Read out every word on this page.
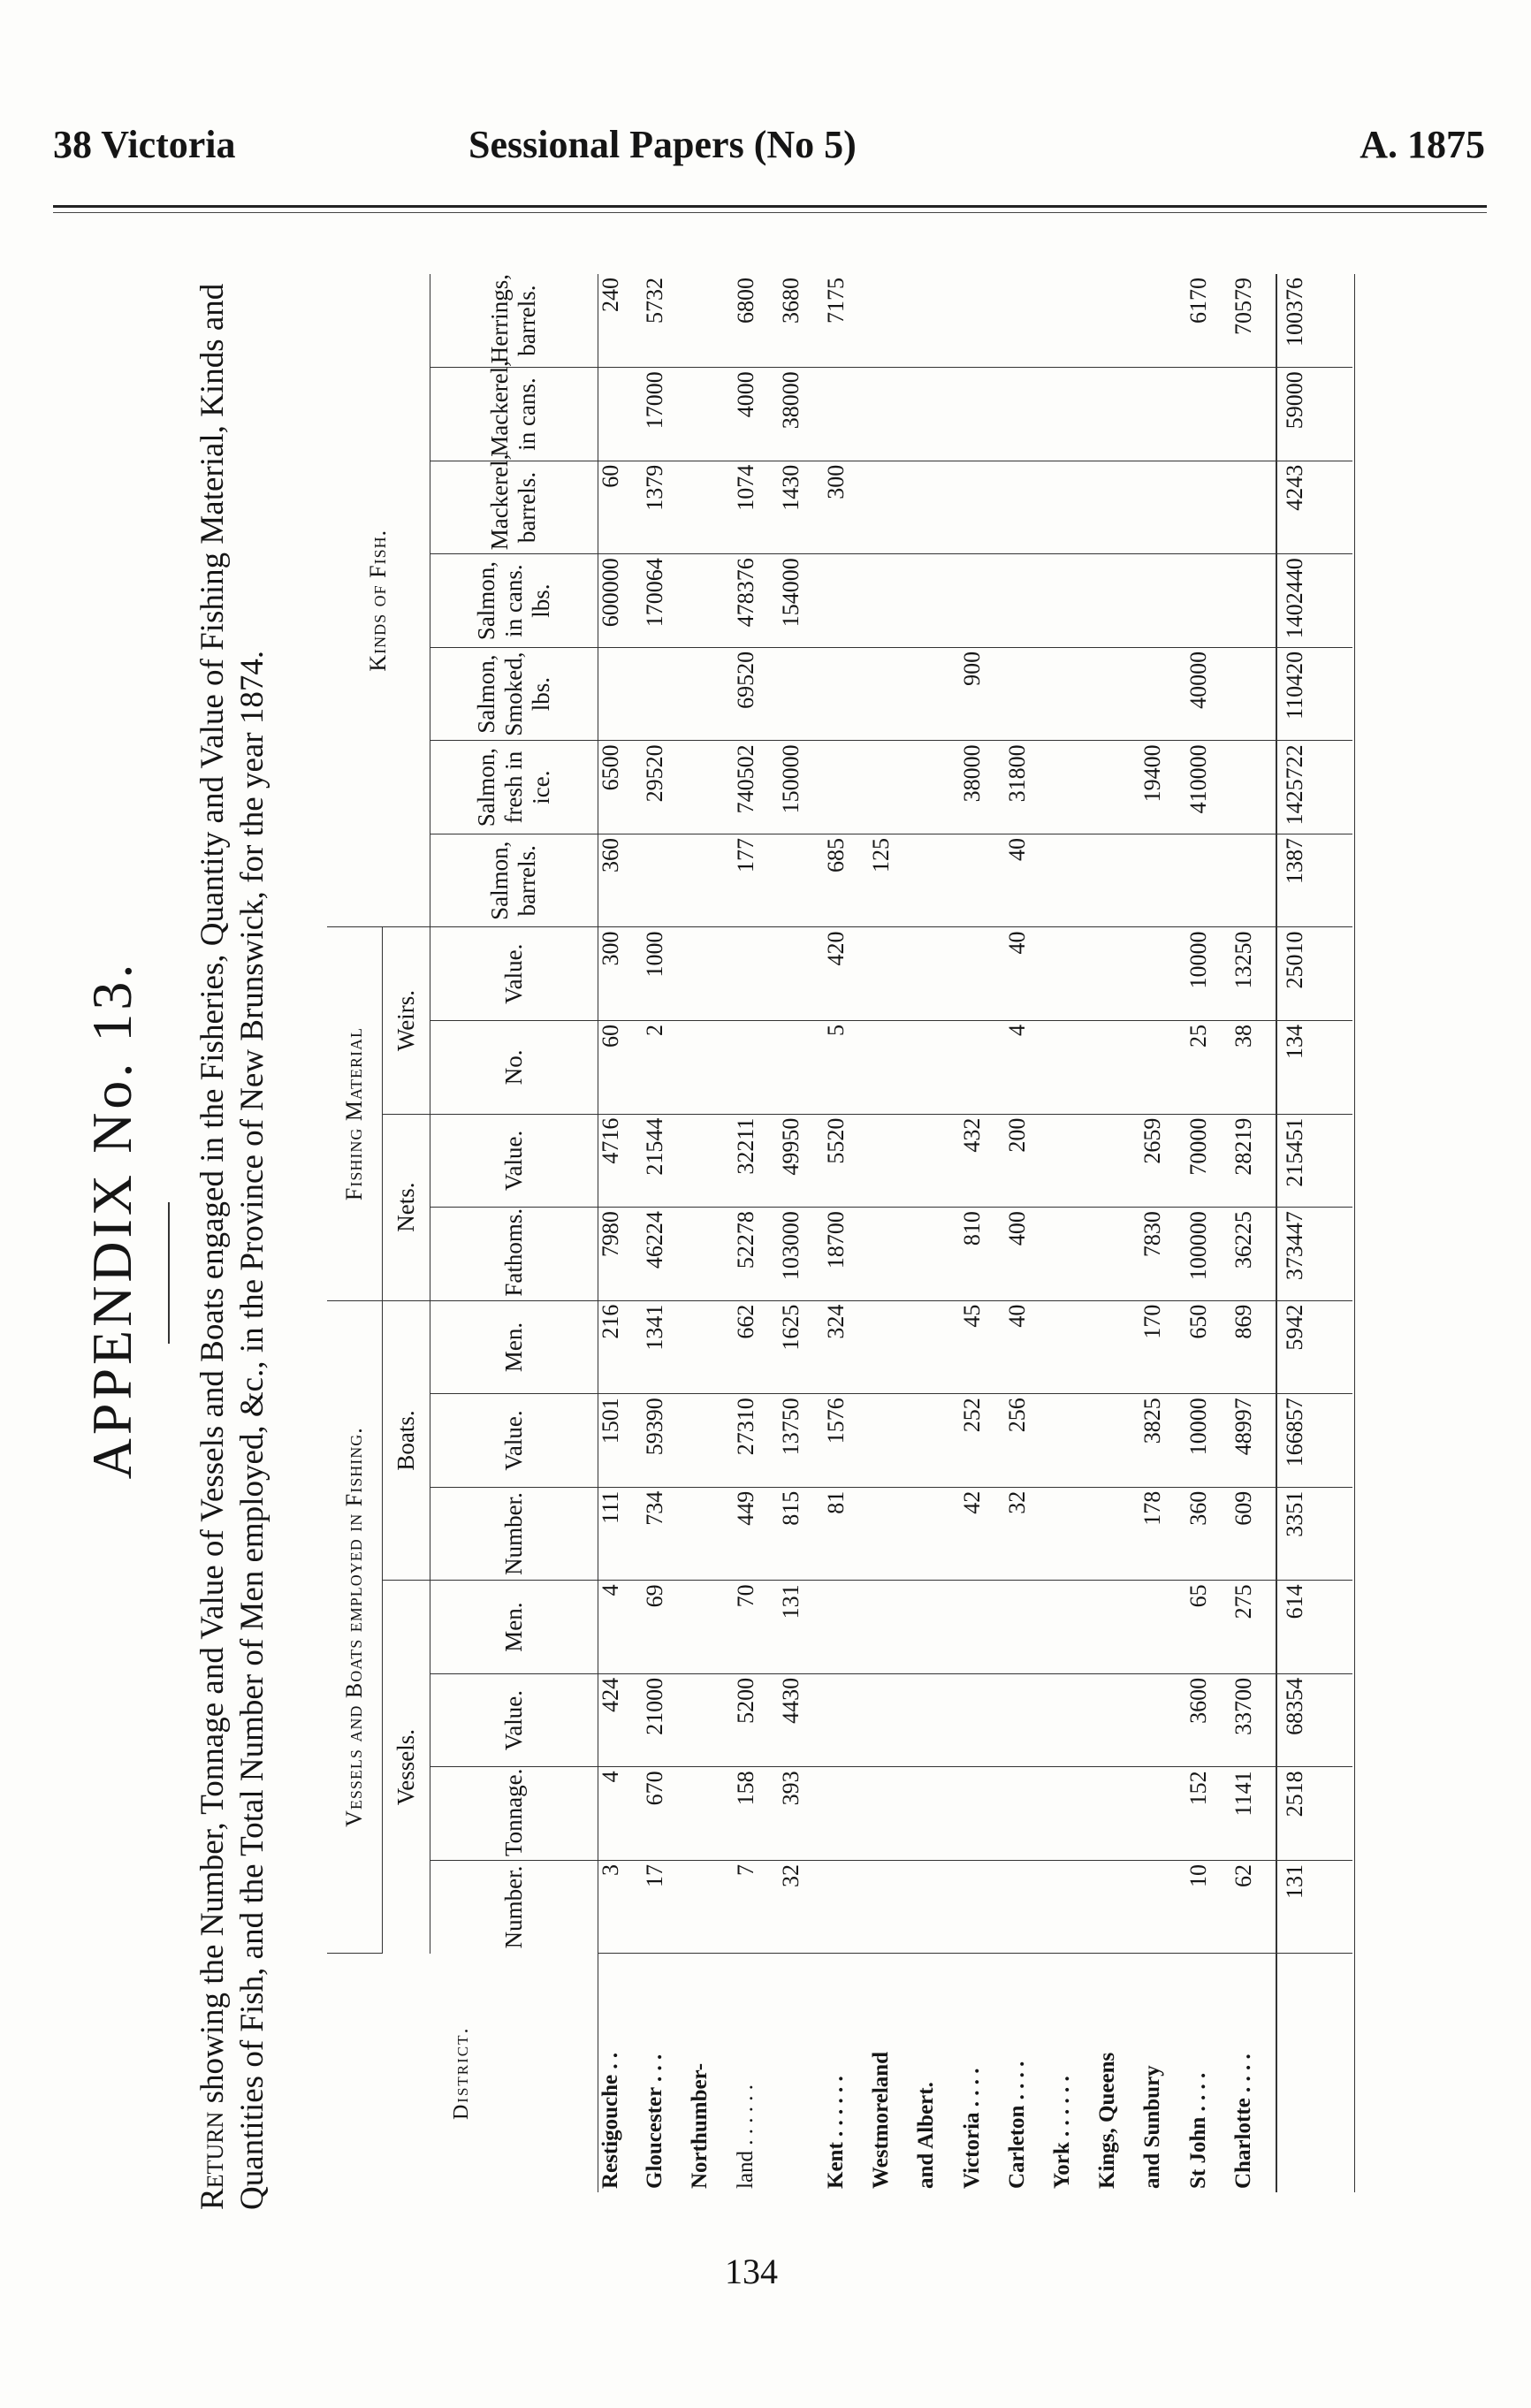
38 Victoria	Sessional Papers (No 5)	A. 1875
APPENDIX No. 13.
Return showing the Number, Tonnage and Value of Vessels and Boats engaged in the Fisheries, Quantity and Value of Fishing Material, Kinds and Quantities of Fish, and the Total Number of Men employed, &c., in the Province of New Brunswick, for the year 1874.	District.	Vessels and Boats employed in Fishing.							Fishing Material				Kinds of Fish.						
	Vessels.				Boats.			Nets.		Weirs.								
	Number.	Tonnage.	Value.	Men.	Number.	Value.	Men.	Fathoms.	Value.	No.	Value.	Salmon, barrels.	Salmon, fresh in ice.	Salmon, Smoked, lbs.	Salmon, in cans. lbs.	Mackerel, barrels.	Mackerel, in cans.	Herrings, barrels.
Restigouche . .	3	4	424	4	111	1501	216	7980	4716	60	300	360	6500		600000	60		240
Gloucester . . .	17	670	21000	69	734	59390	1341	46224	21544	2	1000		29520		170064	1379	17000	5732
Northumber-																		
land . . . . . .	7	158	5200	70	449	27310	662	52278	32211			177	740502	69520	478376	1074	4000	6800
	32	393	4430	131	815	13750	1625	103000	49950				150000		154000	1430	38000	3680
Kent . . . . . .					81	1576	324	18700	5520	5	420	685				300		7175
Westmoreland												125						
and Albert.																		
Victoria . . . .					42	252	45	810	432				38000	900				
Carleton . . . .					32	256	40	400	200	4	40	40	31800					
York . . . . . .																		
Kings, Queens																		
and Sunbury					178	3825	170	7830	2659				19400					
St John . . . .	10	152	3600	65	360	10000	650	100000	70000	25	10000		410000	40000				6170
Charlotte . . . .	62	1141	33700	275	609	48997	869	36225	28219	38	13250							70579
	131	2518	68354	614	3351	166857	5942	373447	215451	134	25010	1387	1425722	110420	1402440	4243	59000	100376
134
